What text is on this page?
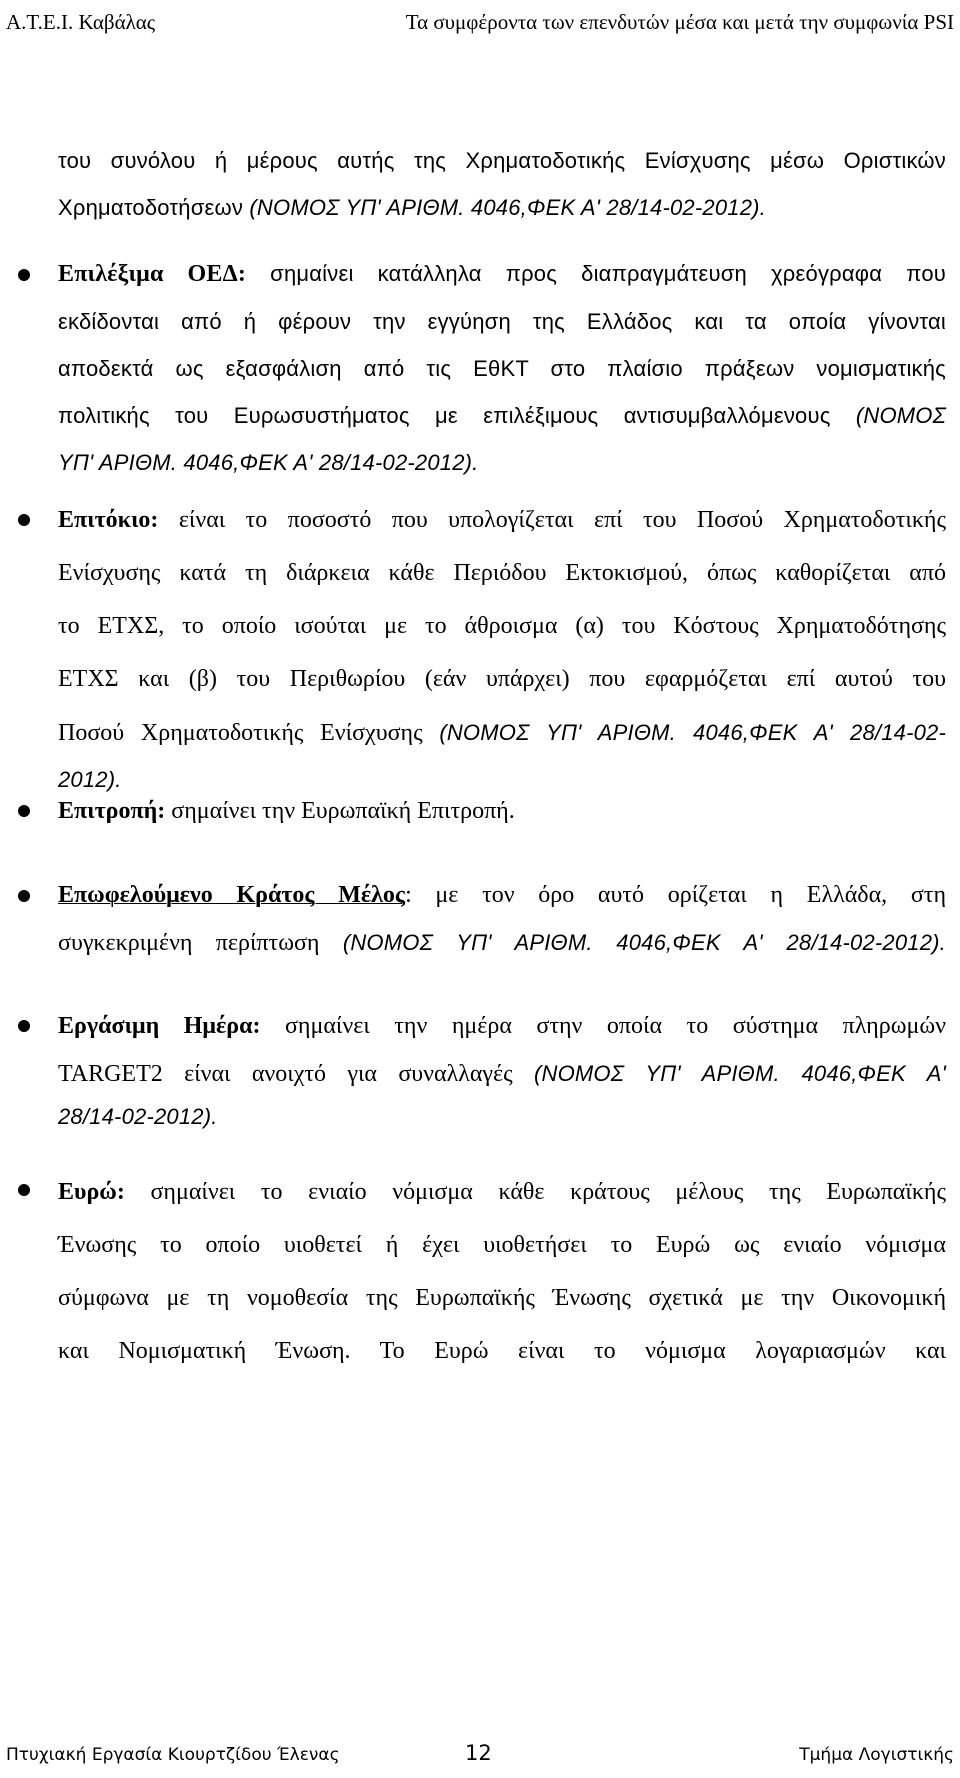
Α.Τ.Ε.Ι. Καβάλας	Τα συμφέροντα των επενδυτών μέσα και μετά την συμφωνία PSI

του συνόλου ή μέρους αυτής της Χρηματοδοτικής Ενίσχυσης μέσω Οριστικών

Χρηματοδοτήσεων (ΝΟΜΟΣ ΥΠ' ΑΡΙΘΜ. 4046,ΦΕΚ Α' 28/14-02-2012).

Επιλέξιμα ΟΕΔ: σημαίνει κατάλληλα προς διαπραγμάτευση χρεόγραφα που

εκδίδονται από ή φέρουν την εγγύηση της Ελλάδος και τα οποία γίνονται

αποδεκτά ως εξασφάλιση από τις ΕθΚΤ στο πλαίσιο πράξεων νομισματικής

πολιτικής του Ευρωσυστήματος με επιλέξιμους αντισυμβαλλόμενους (ΝΟΜΟΣ

ΥΠ' ΑΡΙΘΜ. 4046,ΦΕΚ Α' 28/14-02-2012).

Επιτόκιο: είναι το ποσοστό που υπολογίζεται επί του Ποσού Χρηματοδοτικής

Ενίσχυσης κατά τη διάρκεια κάθε Περιόδου Εκτοκισμού, όπως καθορίζεται από

το ΕΤΧΣ, το οποίο ισούται με το άθροισμα (α) του Κόστους Χρηματοδότησης

ΕΤΧΣ και (β) του Περιθωρίου (εάν υπάρχει) που εφαρμόζεται επί αυτού του

Ποσού Χρηματοδοτικής Ενίσχυσης (ΝΟΜΟΣ ΥΠ' ΑΡΙΘΜ. 4046,ΦΕΚ Α' 28/14-02-

2012).

Επιτροπή: σημαίνει την Ευρωπαϊκή Επιτροπή.

Επωφελούμενο Κράτος Μέλος: με τον όρο αυτό ορίζεται η Ελλάδα, στη

συγκεκριμένη περίπτωση (ΝΟΜΟΣ ΥΠ' ΑΡΙΘΜ. 4046,ΦΕΚ Α' 28/14-02-2012).

Εργάσιμη Ημέρα: σημαίνει την ημέρα στην οποία το σύστημα πληρωμών

TARGET2 είναι ανοιχτό για συναλλαγές (ΝΟΜΟΣ ΥΠ' ΑΡΙΘΜ. 4046,ΦΕΚ Α'

28/14-02-2012).

Ευρώ: σημαίνει το ενιαίο νόμισμα κάθε κράτους μέλους της Ευρωπαϊκής

Ένωσης το οποίο υιοθετεί ή έχει υιοθετήσει το Ευρώ ως ενιαίο νόμισμα

σύμφωνα με τη νομοθεσία της Ευρωπαϊκής Ένωσης σχετικά με την Οικονομική

και Νομισματική Ένωση. Το Ευρώ είναι το νόμισμα λογαριασμών και

Πτυχιακή Εργασία Κιουρτζίδου Έλενας	12	Τμήμα Λογιστικής
